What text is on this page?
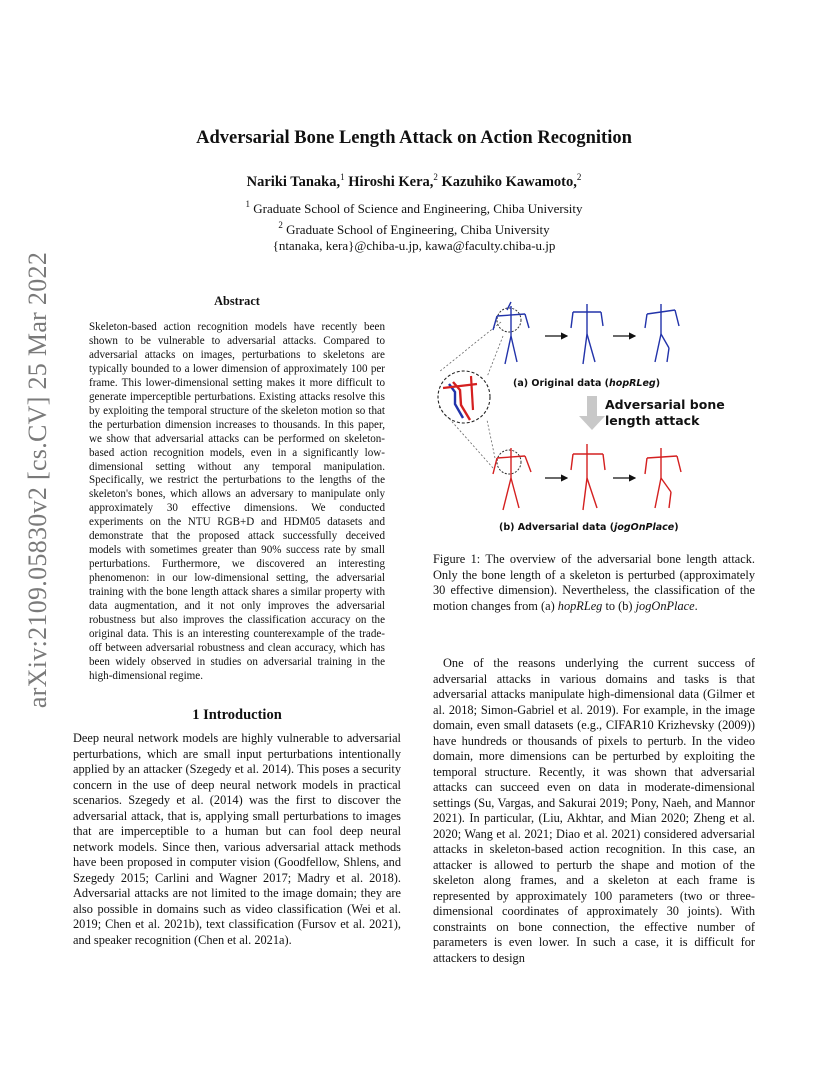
arXiv:2109.05830v2 [cs.CV] 25 Mar 2022
Adversarial Bone Length Attack on Action Recognition
Nariki Tanaka,$^1$ Hiroshi Kera,$^2$ Kazuhiko Kawamoto,$^2$
$^1$ Graduate School of Science and Engineering, Chiba University
$^2$ Graduate School of Engineering, Chiba University
{ntanaka, kera}@chiba-u.jp, kawa@faculty.chiba-u.jp
Abstract
Skeleton-based action recognition models have recently been shown to be vulnerable to adversarial attacks. Compared to adversarial attacks on images, perturbations to skeletons are typically bounded to a lower dimension of approximately 100 per frame. This lower-dimensional setting makes it more difficult to generate imperceptible perturbations. Existing attacks resolve this by exploiting the temporal structure of the skeleton motion so that the perturbation dimension increases to thousands. In this paper, we show that adversarial attacks can be performed on skeleton-based action recognition models, even in a significantly low-dimensional setting without any temporal manipulation. Specifically, we restrict the perturbations to the lengths of the skeleton's bones, which allows an adversary to manipulate only approximately 30 effective dimensions. We conducted experiments on the NTU RGB+D and HDM05 datasets and demonstrate that the proposed attack successfully deceived models with sometimes greater than 90% success rate by small perturbations. Furthermore, we discovered an interesting phenomenon: in our low-dimensional setting, the adversarial training with the bone length attack shares a similar property with data augmentation, and it not only improves the adversarial robustness but also improves the classification accuracy on the original data. This is an interesting counterexample of the trade-off between adversarial robustness and clean accuracy, which has been widely observed in studies on adversarial training in the high-dimensional regime.
1 Introduction
Deep neural network models are highly vulnerable to adversarial perturbations, which are small input perturbations intentionally applied by an attacker (Szegedy et al. 2014). This poses a security concern in the use of deep neural network models in practical scenarios. Szegedy et al. (2014) was the first to discover the adversarial attack, that is, applying small perturbations to images that are imperceptible to a human but can fool deep neural network models. Since then, various adversarial attack methods have been proposed in computer vision (Goodfellow, Shlens, and Szegedy 2015; Carlini and Wagner 2017; Madry et al. 2018). Adversarial attacks are not limited to the image domain; they are also possible in domains such as video classification (Wei et al. 2019; Chen et al. 2021b), text classification (Fursov et al. 2021), and speaker recognition (Chen et al. 2021a).
(a) Original data (hopRLeg)
Adversarial bone
length attack
(b) Adversarial data (jogOnPlace)
Figure 1: The overview of the adversarial bone length attack. Only the bone length of a skeleton is perturbed (approximately 30 effective dimension). Nevertheless, the classification of the motion changes from (a) hopRLeg to (b) jogOnPlace.
One of the reasons underlying the current success of adversarial attacks in various domains and tasks is that adversarial attacks manipulate high-dimensional data (Gilmer et al. 2018; Simon-Gabriel et al. 2019). For example, in the image domain, even small datasets (e.g., CIFAR10 Krizhevsky (2009)) have hundreds or thousands of pixels to perturb. In the video domain, more dimensions can be perturbed by exploiting the temporal structure. Recently, it was shown that adversarial attacks can succeed even on data in moderate-dimensional settings (Su, Vargas, and Sakurai 2019; Pony, Naeh, and Mannor 2021). In particular, (Liu, Akhtar, and Mian 2020; Zheng et al. 2020; Wang et al. 2021; Diao et al. 2021) considered adversarial attacks in skeleton-based action recognition. In this case, an attacker is allowed to perturb the shape and motion of the skeleton along frames, and a skeleton at each frame is represented by approximately 100 parameters (two or three-dimensional coordinates of approximately 30 joints). With constraints on bone connection, the effective number of parameters is even lower. In such a case, it is difficult for attackers to design
